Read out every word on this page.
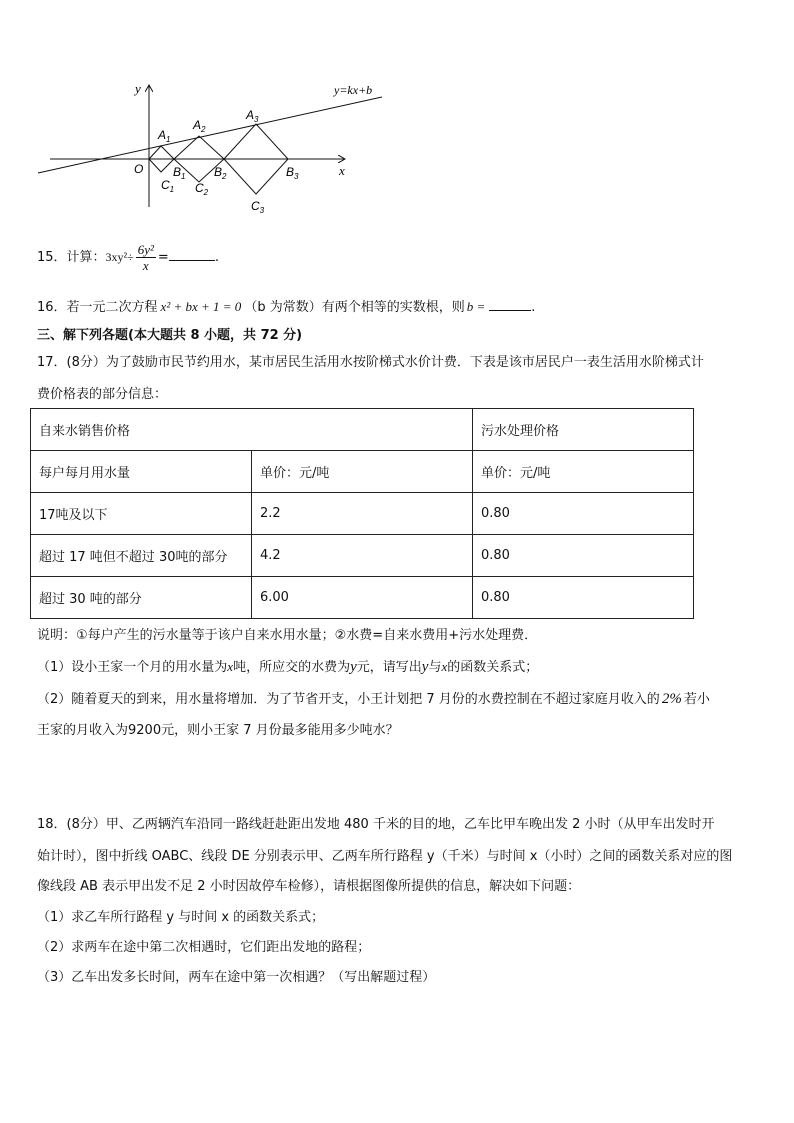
y
x
y=kx+b
O
$A_1$
$A_2$
$A_3$
$B_1$ $B_2$	$B_3$
$C_1$ $C_2$
$C_3$
15．计算：$3xy^2\div \frac{\text{6y²}}{x}$ =	.
16．若一元二次方程 x² + bx + 1 = 0 （b 为常数）有两个相等的实数根，则 b =	.
三、解下列各题(本大题共 8 小题，共 72 分)
17．(8分）为了鼓励市民节约用水，某市居民生活用水按阶梯式水价计费．下表是该市居民户一表生活用水阶梯式计
费价格表的部分信息：
自来水销售价格		污水处理价格
每户每月用水量	单价：元/吨	单价：元/吨
17吨及以下	2.2	0.80
超过 17 吨但不超过 30吨的部分	4.2	0.80
超过 30 吨的部分	6.00	0.80
说明：①每户产生的污水量等于该户自来水用水量；②水费=自来水费用+污水处理费．
（1）设小王家一个月的用水量为x吨，所应交的水费为y元，请写出y与x的函数关系式；
（2）随着夏天的到来，用水量将增加．为了节省开支，小王计划把 7 月份的水费控制在不超过家庭月收入的 2% 若小
王家的月收入为9200元，则小王家 7 月份最多能用多少吨水？
18．(8分）甲、乙两辆汽车沿同一路线赶赴距出发地 480 千米的目的地，乙车比甲车晚出发 2 小时（从甲车出发时开
始计时），图中折线 OABC、线段 DE 分别表示甲、乙两车所行路程 y（千米）与时间 x（小时）之间的函数关系对应的图
像线段 AB 表示甲出发不足 2 小时因故停车检修），请根据图像所提供的信息，解决如下问题：
（1）求乙车所行路程 y 与时间 x 的函数关系式；
（2）求两车在途中第二次相遇时，它们距出发地的路程；
（3）乙车出发多长时间，两车在途中第一次相遇？（写出解题过程）
